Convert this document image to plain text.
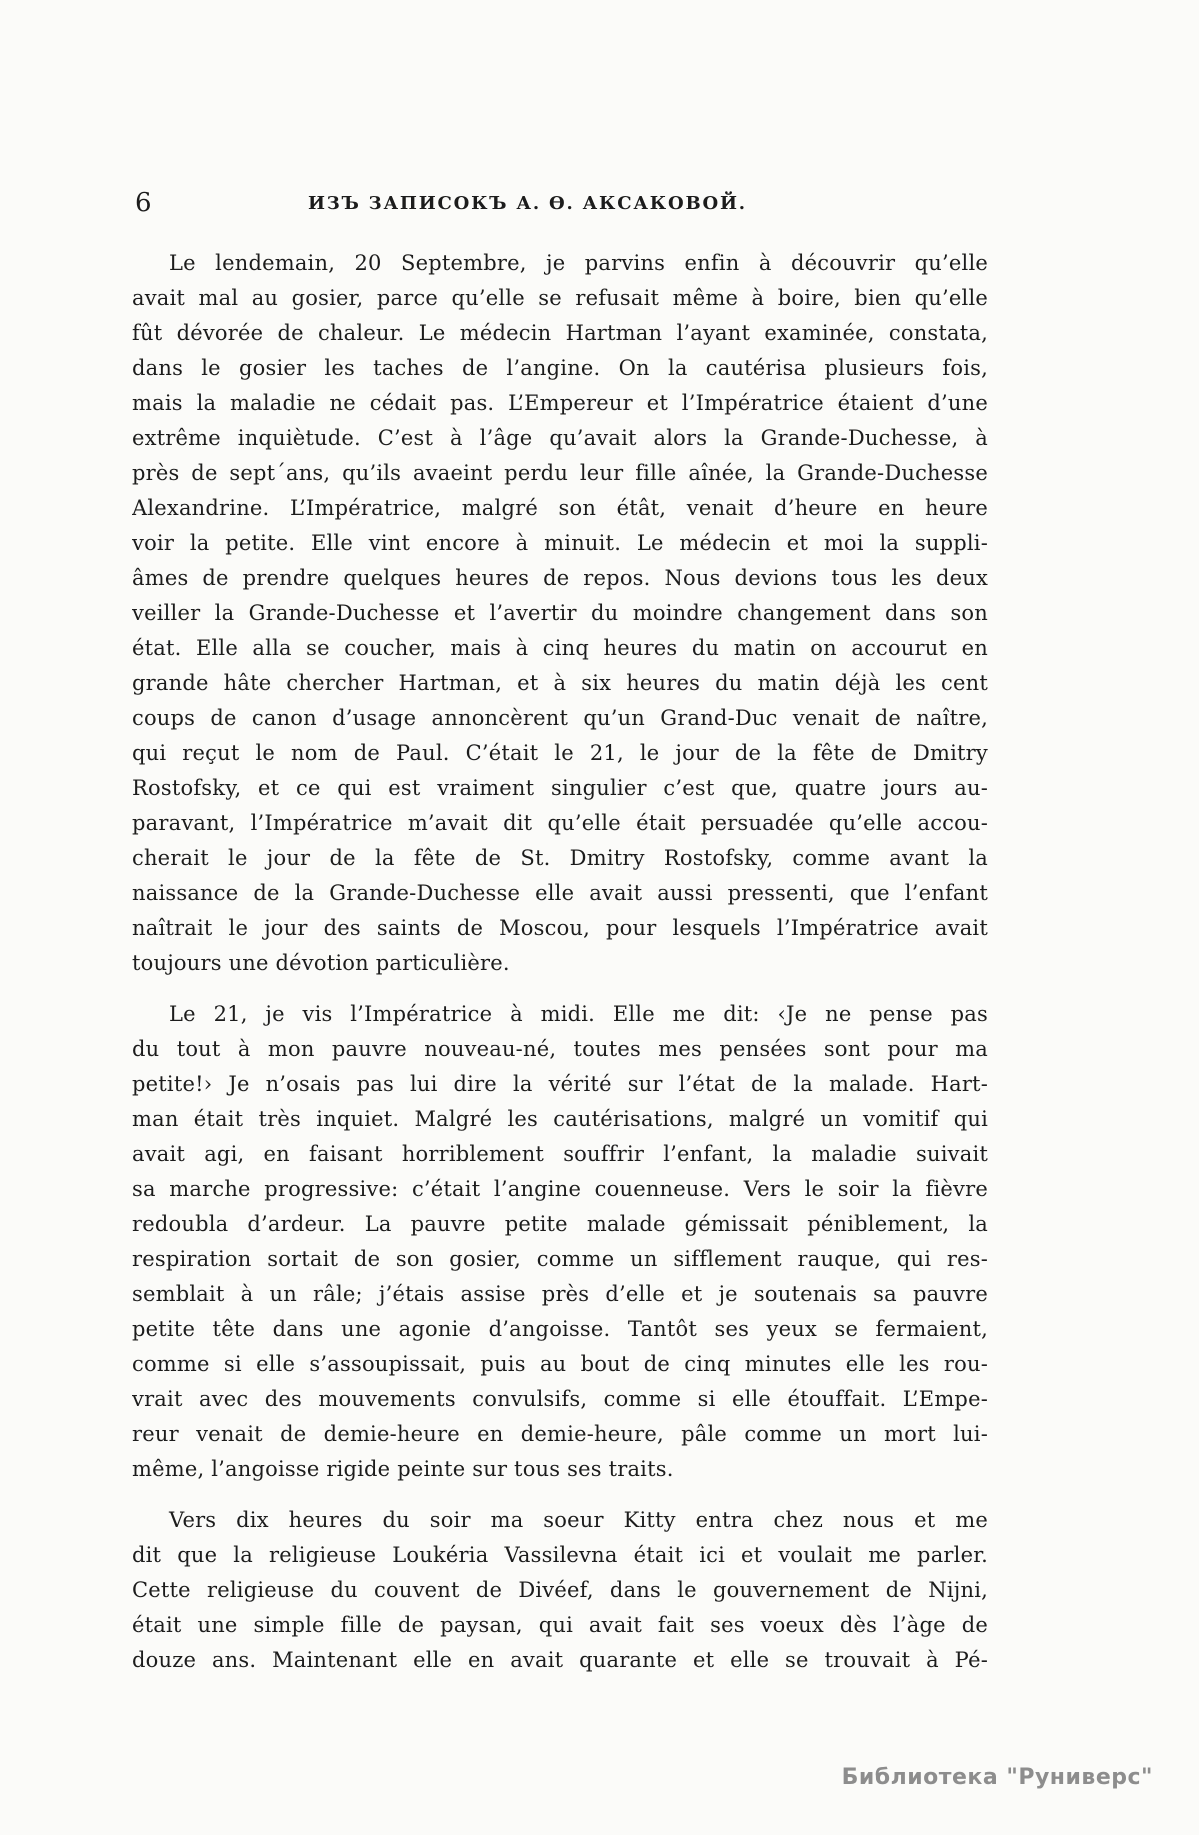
6	ИЗЪ ЗАПИСОКЪ А. Ѳ. АКСАКОВОЙ.

Le lendemain, 20 Septembre, je parvins enfin à découvrir qu’elle
avait mal au gosier, parce qu’elle se refusait même à boire, bien qu’elle
fût dévorée de chaleur. Le médecin Hartman l’ayant examinée, constata,
dans le gosier les taches de l’angine. On la cautérisa plusieurs fois,
mais la maladie ne cédait pas. L’Empereur et l’Impératrice étaient d’une
extrême inquiètude. C’est à l’âge qu’avait alors la Grande-Duchesse, à
près de sept´ans, qu’ils avaeint perdu leur fille aînée, la Grande-Duchesse
Alexandrine. L’Impératrice, malgré son étât, venait d’heure en heure
voir la petite. Elle vint encore à minuit. Le médecin et moi la suppli-
âmes de prendre quelques heures de repos. Nous devions tous les deux
veiller la Grande-Duchesse et l’avertir du moindre changement dans son
état. Elle alla se coucher, mais à cinq heures du matin on accourut en
grande hâte chercher Hartman, et à six heures du matin déjà les cent
coups de canon d’usage annoncèrent qu’un Grand-Duc venait de naître,
qui reçut le nom de Paul. C’était le 21, le jour de la fête de Dmitry
Rostofsky, et ce qui est vraiment singulier c’est que, quatre jours au-
paravant, l’Impératrice m’avait dit qu’elle était persuadée qu’elle accou-
cherait le jour de la fête de St. Dmitry Rostofsky, comme avant la
naissance de la Grande-Duchesse elle avait aussi pressenti, que l’enfant
naîtrait le jour des saints de Moscou, pour lesquels l’Impératrice avait
toujours une dévotion particulière.

Le 21, je vis l’Impératrice à midi. Elle me dit: ‹Je ne pense pas
du tout à mon pauvre nouveau-né, toutes mes pensées sont pour ma
petite!› Je n’osais pas lui dire la vérité sur l’état de la malade. Hart-
man était très inquiet. Malgré les cautérisations, malgré un vomitif qui
avait agi, en faisant horriblement souffrir l’enfant, la maladie suivait
sa marche progressive: c’était l’angine couenneuse. Vers le soir la fièvre
redoubla d’ardeur. La pauvre petite malade gémissait péniblement, la
respiration sortait de son gosier, comme un sifflement rauque, qui res-
semblait à un râle; j’étais assise près d’elle et je soutenais sa pauvre
petite tête dans une agonie d’angoisse. Tantôt ses yeux se fermaient,
comme si elle s’assoupissait, puis au bout de cinq minutes elle les rou-
vrait avec des mouvements convulsifs, comme si elle étouffait. L’Empe-
reur venait de demie-heure en demie-heure, pâle comme un mort lui-
même, l’angoisse rigide peinte sur tous ses traits.

Vers dix heures du soir ma soeur Kitty entra chez nous et me
dit que la religieuse Loukéria Vassilevna était ici et voulait me parler.
Cette religieuse du couvent de Divéef, dans le gouvernement de Nijni,
était une simple fille de paysan, qui avait fait ses voeux dès l’àge de
douze ans. Maintenant elle en avait quarante et elle se trouvait à Pé-

Библиотека "Руниверс"
